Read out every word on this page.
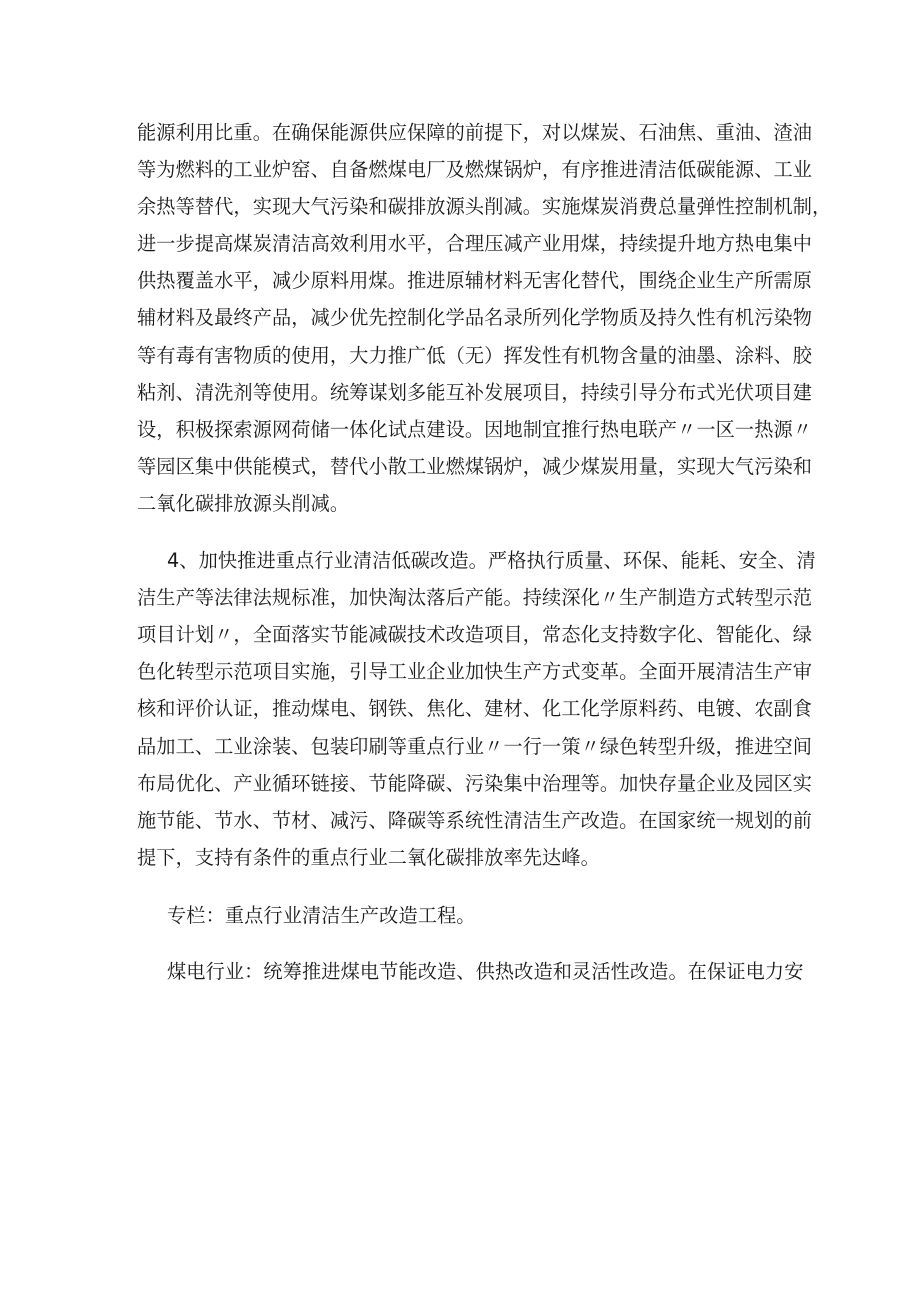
能源利用比重。在确保能源供应保障的前提下，对以煤炭、石油焦、重油、渣油
等为燃料的工业炉窑、自备燃煤电厂及燃煤锅炉，有序推进清洁低碳能源、工业
余热等替代，实现大气污染和碳排放源头削减。实施煤炭消费总量弹性控制机制，
进一步提高煤炭清洁高效利用水平，合理压减产业用煤，持续提升地方热电集中
供热覆盖水平，减少原料用煤。推进原辅材料无害化替代，围绕企业生产所需原
辅材料及最终产品，减少优先控制化学品名录所列化学物质及持久性有机污染物
等有毒有害物质的使用，大力推广低（无）挥发性有机物含量的油墨、涂料、胶
粘剂、清洗剂等使用。统筹谋划多能互补发展项目，持续引导分布式光伏项目建
设，积极探索源网荷储一体化试点建设。因地制宜推行热电联产〃一区一热源〃
等园区集中供能模式，替代小散工业燃煤锅炉，减少煤炭用量，实现大气污染和
二氧化碳排放源头削减。
4、加快推进重点行业清洁低碳改造。严格执行质量、环保、能耗、安全、清
洁生产等法律法规标准，加快淘汰落后产能。持续深化〃生产制造方式转型示范
项目计划〃，全面落实节能减碳技术改造项目，常态化支持数字化、智能化、绿
色化转型示范项目实施，引导工业企业加快生产方式变革。全面开展清洁生产审
核和评价认证，推动煤电、钢铁、焦化、建材、化工化学原料药、电镀、农副食
品加工、工业涂装、包装印刷等重点行业〃一行一策〃绿色转型升级，推进空间
布局优化、产业循环链接、节能降碳、污染集中治理等。加快存量企业及园区实
施节能、节水、节材、减污、降碳等系统性清洁生产改造。在国家统一规划的前
提下，支持有条件的重点行业二氧化碳排放率先达峰。
专栏：重点行业清洁生产改造工程。
煤电行业：统筹推进煤电节能改造、供热改造和灵活性改造。在保证电力安
